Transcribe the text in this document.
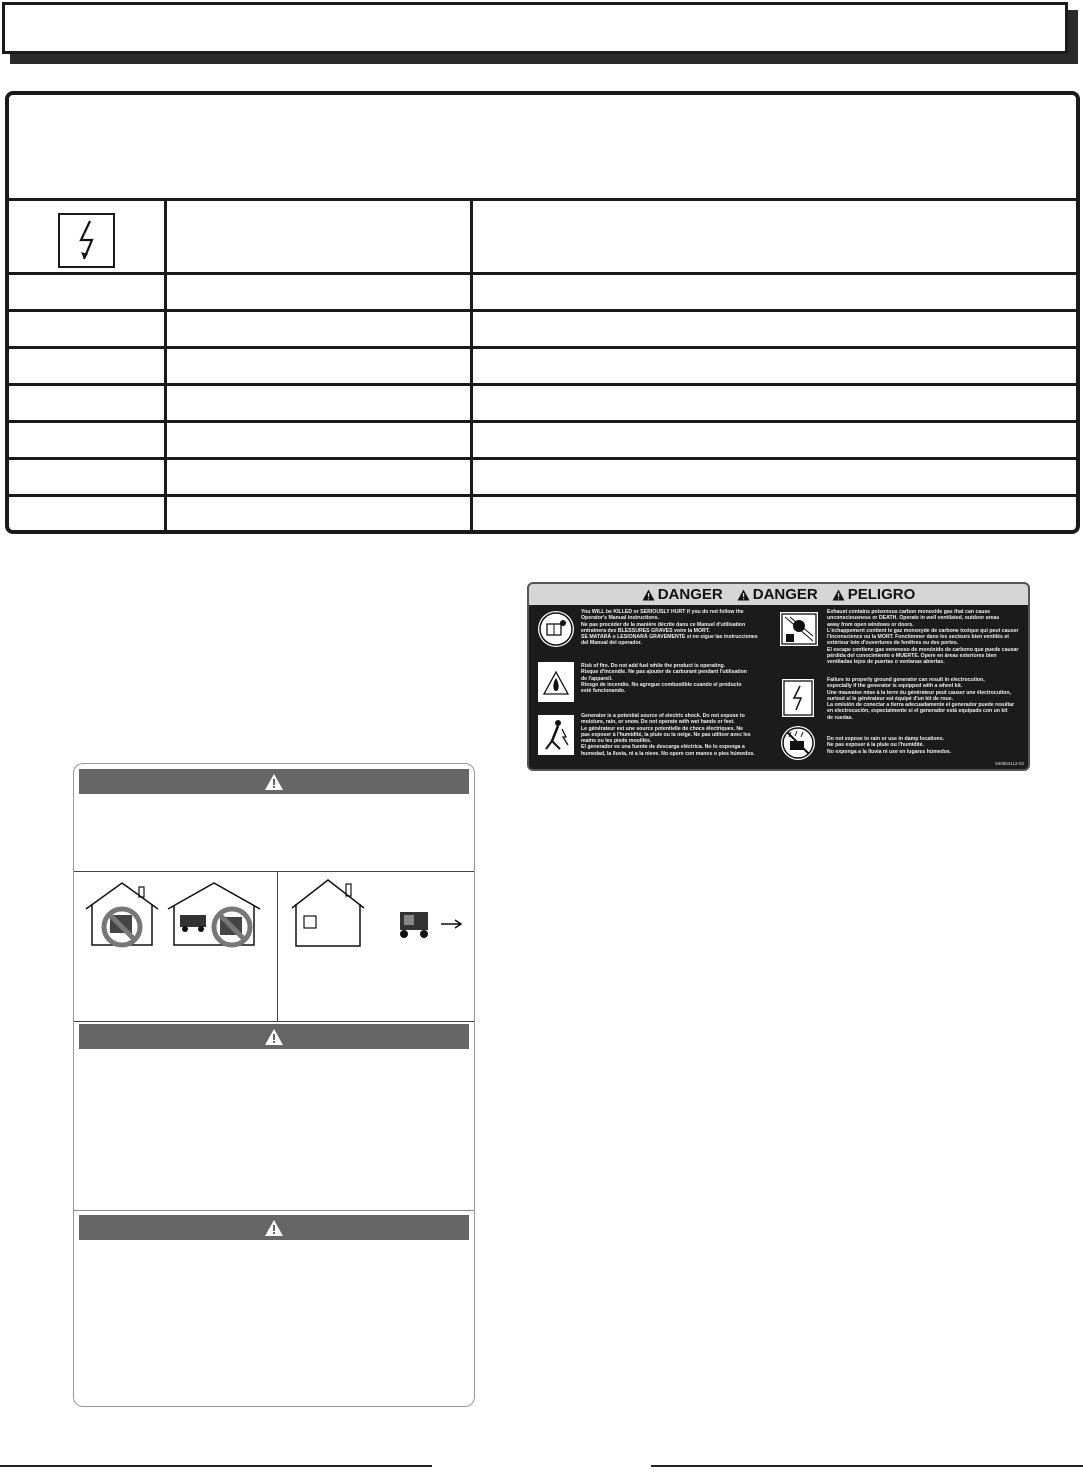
DANGER DANGER PELIGRO
You WILL be KILLED or SERIOUSLY HURT if you do not follow the
Operator's Manual instructions.
Ne pas procéder de la manière décrite dans ce Manuel d'utilisation
entraînera des BLESSURES GRAVES voire la MORT.
SE MATARÁ o LESIONARÁ GRAVEMENTE si no sigue las instrucciones
del Manual del operador.
Risk of fire. Do not add fuel while the product is operating.
Risque d'incendie. Ne pas ajouter de carburant pendant l'utilisation
de l'appareil.
Riesgo de incendio. No agregue combustible cuando el producto
esté funcionando.
Generator is a potential source of electric shock. Do not expose to
moisture, rain, or snow. Do not operate with wet hands or feet.
Le générateur est une source potentielle de chocs électriques. Ne
pas exposer à l'humidité, la pluie ou la neige. Ne pas utiliser avec les
mains ou les pieds mouillés.
El generador es una fuente de descarga eléctrica. No lo exponga a
humedad, la lluvia, ni a la nieve. No opere con manos o pies húmedos.
Exhaust contains poisonous carbon monoxide gas that can cause
unconsciousness or DEATH. Operate in well ventilated, outdoor areas
away from open windows or doors.
L'échappement contient le gaz monoxyde de carbone toxique qui peut causer
l'inconscience ou la MORT. Fonctionner dans les secteurs bien ventilés et
extérieur loin d'ouvertures de fenêtres ou des portes.
El escape contiene gas venenoso de monóxido de carbono que puede causar
pérdida del conocimiento o MUERTE. Opere en áreas exteriores bien
ventiladas lejos de puertas o ventanas abiertas.
Failure to properly ground generator can result in electrocution,
especially if the generator is equipped with a wheel kit.
Une mauvaise mise à la terre du générateur peut causer une électrocution,
surtout si le générateur est équipé d'un kit de roue.
La omisión de conectar a tierra adecuadamente el generador puede resultar
en electrocución, especialmente si el generador está equipado con un kit
de ruedas.
Do not expose to rain or use in damp locations.
Ne pas exposer à la pluie ou l'humidité.
No exponga a la lluvia ni use en lugares húmedos.
940654112-02
